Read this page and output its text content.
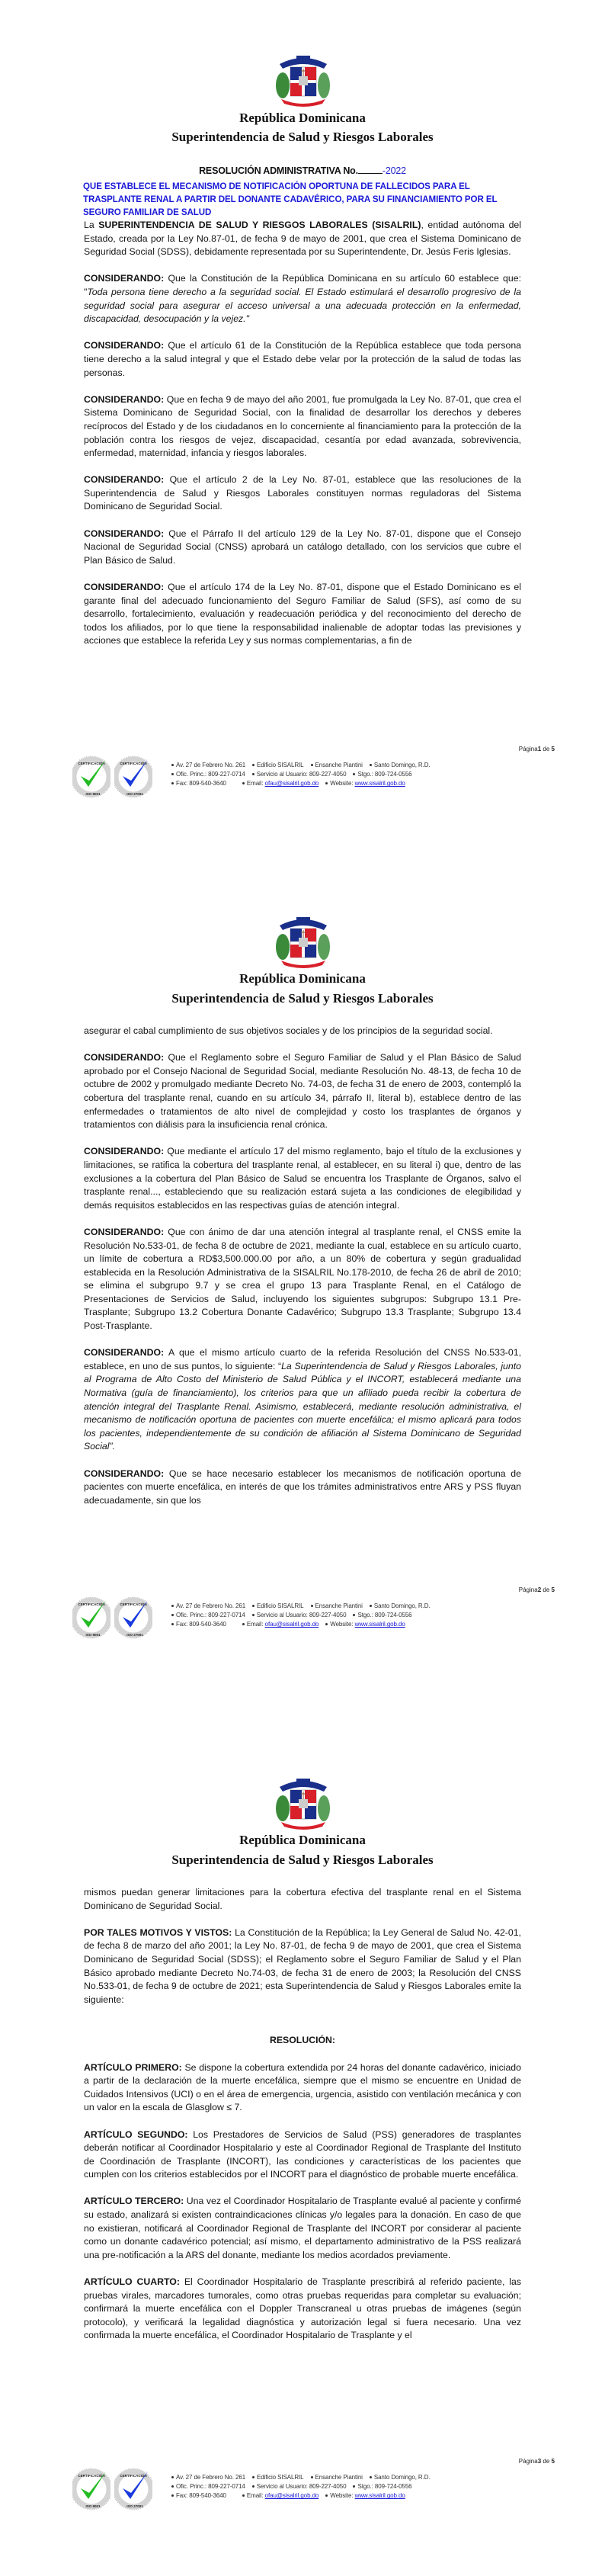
República Dominicana
Superintendencia de Salud y Riesgos Laborales
RESOLUCIÓN ADMINISTRATIVA No.	-2022
QUE ESTABLECE EL MECANISMO DE NOTIFICACIÓN OPORTUNA DE FALLECIDOS PARA EL TRASPLANTE RENAL A PARTIR DEL DONANTE CADAVÉRICO, PARA SU FINANCIAMIENTO POR EL SEGURO FAMILIAR DE SALUD

La SUPERINTENDENCIA DE SALUD Y RIESGOS LABORALES (SISALRIL), entidad autónoma del Estado, creada por la Ley No.87-01, de fecha 9 de mayo de 2001, que crea el Sistema Dominicano de Seguridad Social (SDSS), debidamente representada por su Superintendente, Dr. Jesús Feris Iglesias.

CONSIDERANDO: Que la Constitución de la República Dominicana en su artículo 60 establece que: "Toda persona tiene derecho a la seguridad social. El Estado estimulará el desarrollo progresivo de la seguridad social para asegurar el acceso universal a una adecuada protección en la enfermedad, discapacidad, desocupación y la vejez."

CONSIDERANDO: Que el artículo 61 de la Constitución de la República establece que toda persona tiene derecho a la salud integral y que el Estado debe velar por la protección de la salud de todas las personas.

CONSIDERANDO: Que en fecha 9 de mayo del año 2001, fue promulgada la Ley No. 87-01, que crea el Sistema Dominicano de Seguridad Social, con la finalidad de desarrollar los derechos y deberes recíprocos del Estado y de los ciudadanos en lo concerniente al financiamiento para la protección de la población contra los riesgos de vejez, discapacidad, cesantía por edad avanzada, sobrevivencia, enfermedad, maternidad, infancia y riesgos laborales.

CONSIDERANDO: Que el artículo 2 de la Ley No. 87-01, establece que las resoluciones de la Superintendencia de Salud y Riesgos Laborales constituyen normas reguladoras del Sistema Dominicano de Seguridad Social.

CONSIDERANDO: Que el Párrafo II del artículo 129 de la Ley No. 87-01, dispone que el Consejo Nacional de Seguridad Social (CNSS) aprobará un catálogo detallado, con los servicios que cubre el Plan Básico de Salud.

CONSIDERANDO: Que el artículo 174 de la Ley No. 87-01, dispone que el Estado Dominicano es el garante final del adecuado funcionamiento del Seguro Familiar de Salud (SFS), así como de su desarrollo, fortalecimiento, evaluación y readecuación periódica y del reconocimiento del derecho de todos los afiliados, por lo que tiene la responsabilidad inalienable de adoptar todas las previsiones y acciones que establece la referida Ley y sus normas complementarias, a fin de

Página1 de 5
CERTIFICACIÓN
ISO 9001
CERTIFICACIÓN
ISO 27001
Av. 27 de Febrero No. 261 Edificio SISALRIL Ensanche Piantini Santo Domingo, R.D.
Ofic. Princ.: 809-227-0714 Servicio al Usuario: 809-227-4050 Stgo.: 809-724-0556
Fax: 809-540-3640	Email: ofau@sisalril.gob.do Website: www.sisalril.gob.do
República Dominicana
Superintendencia de Salud y Riesgos Laborales

asegurar el cabal cumplimiento de sus objetivos sociales y de los principios de la seguridad social.

CONSIDERANDO: Que el Reglamento sobre el Seguro Familiar de Salud y el Plan Básico de Salud aprobado por el Consejo Nacional de Seguridad Social, mediante Resolución No. 48-13, de fecha 10 de octubre de 2002 y promulgado mediante Decreto No. 74-03, de fecha 31 de enero de 2003, contempló la cobertura del trasplante renal, cuando en su artículo 34, párrafo II, literal b), establece dentro de las enfermedades o tratamientos de alto nivel de complejidad y costo los trasplantes de órganos y tratamientos con diálisis para la insuficiencia renal crónica.

CONSIDERANDO: Que mediante el artículo 17 del mismo reglamento, bajo el título de la exclusiones y limitaciones, se ratifica la cobertura del trasplante renal, al establecer, en su literal i) que, dentro de las exclusiones a la cobertura del Plan Básico de Salud se encuentra los Trasplante de Órganos, salvo el trasplante renal..., estableciendo que su realización estará sujeta a las condiciones de elegibilidad y demás requisitos establecidos en las respectivas guías de atención integral.

CONSIDERANDO: Que con ánimo de dar una atención integral al trasplante renal, el CNSS emite la Resolución No.533-01, de fecha 8 de octubre de 2021, mediante la cual, establece en su artículo cuarto, un límite de cobertura a RD$3,500.000.00 por año, a un 80% de cobertura y según gradualidad establecida en la Resolución Administrativa de la SISALRIL No.178-2010, de fecha 26 de abril de 2010; se elimina el subgrupo 9.7 y se crea el grupo 13 para Trasplante Renal, en el Catálogo de Presentaciones de Servicios de Salud, incluyendo los siguientes subgrupos: Subgrupo 13.1 Pre-Trasplante; Subgrupo 13.2 Cobertura Donante Cadavérico; Subgrupo 13.3 Trasplante; Subgrupo 13.4 Post-Trasplante.

CONSIDERANDO: A que el mismo artículo cuarto de la referida Resolución del CNSS No.533-01, establece, en uno de sus puntos, lo siguiente: “La Superintendencia de Salud y Riesgos Laborales, junto al Programa de Alto Costo del Ministerio de Salud Pública y el INCORT, establecerá mediante una Normativa (guía de financiamiento), los criterios para que un afiliado pueda recibir la cobertura de atención integral del Trasplante Renal. Asimismo, establecerá, mediante resolución administrativa, el mecanismo de notificación oportuna de pacientes con muerte encefálica; el mismo aplicará para todos los pacientes, independientemente de su condición de afiliación al Sistema Dominicano de Seguridad Social”.

CONSIDERANDO: Que se hace necesario establecer los mecanismos de notificación oportuna de pacientes con muerte encefálica, en interés de que los trámites administrativos entre ARS y PSS fluyan adecuadamente, sin que los

Página2 de 5
CERTIFICACIÓN
ISO 9001
CERTIFICACIÓN
ISO 27001
Av. 27 de Febrero No. 261 Edificio SISALRIL Ensanche Piantini Santo Domingo, R.D.
Ofic. Princ.: 809-227-0714 Servicio al Usuario: 809-227-4050 Stgo.: 809-724-0556
Fax: 809-540-3640	Email: ofau@sisalril.gob.do Website: www.sisalril.gob.do
República Dominicana
Superintendencia de Salud y Riesgos Laborales

mismos puedan generar limitaciones para la cobertura efectiva del trasplante renal en el Sistema Dominicano de Seguridad Social.

POR TALES MOTIVOS Y VISTOS: La Constitución de la República; la Ley General de Salud No. 42-01, de fecha 8 de marzo del año 2001; la Ley No. 87-01, de fecha 9 de mayo de 2001, que crea el Sistema Dominicano de Seguridad Social (SDSS); el Reglamento sobre el Seguro Familiar de Salud y el Plan Básico aprobado mediante Decreto No.74-03, de fecha 31 de enero de 2003; la Resolución del CNSS No.533-01, de fecha 9 de octubre de 2021; esta Superintendencia de Salud y Riesgos Laborales emite la siguiente:

RESOLUCIÓN:

ARTÍCULO PRIMERO: Se dispone la cobertura extendida por 24 horas del donante cadavérico, iniciado a partir de la declaración de la muerte encefálica, siempre que el mismo se encuentre en Unidad de Cuidados Intensivos (UCI) o en el área de emergencia, urgencia, asistido con ventilación mecánica y con un valor en la escala de Glasglow ≤ 7.

ARTÍCULO SEGUNDO: Los Prestadores de Servicios de Salud (PSS) generadores de trasplantes deberán notificar al Coordinador Hospitalario y este al Coordinador Regional de Trasplante del Instituto de Coordinación de Trasplante (INCORT), las condiciones y características de los pacientes que cumplen con los criterios establecidos por el INCORT para el diagnóstico de probable muerte encefálica.

ARTÍCULO TERCERO: Una vez el Coordinador Hospitalario de Trasplante evalué al paciente y confirmé su estado, analizará si existen contraindicaciones clínicas y/o legales para la donación. En caso de que no existieran, notificará al Coordinador Regional de Trasplante del INCORT por considerar al paciente como un donante cadavérico potencial; así mismo, el departamento administrativo de la PSS realizará una pre-notificación a la ARS del donante, mediante los medios acordados previamente.

ARTÍCULO CUARTO: El Coordinador Hospitalario de Trasplante prescribirá al referido paciente, las pruebas virales, marcadores tumorales, como otras pruebas requeridas para completar su evaluación; confirmará la muerte encefálica con el Doppler Transcraneal u otras pruebas de imágenes (según protocolo), y verificará la legalidad diagnóstica y autorización legal si fuera necesario. Una vez confirmada la muerte encefálica, el Coordinador Hospitalario de Trasplante y el

Página3 de 5
CERTIFICACIÓN
ISO 9001
CERTIFICACIÓN
ISO 27001
Av. 27 de Febrero No. 261 Edificio SISALRIL Ensanche Piantini Santo Domingo, R.D.
Ofic. Princ.: 809-227-0714 Servicio al Usuario: 809-227-4050 Stgo.: 809-724-0556
Fax: 809-540-3640	Email: ofau@sisalril.gob.do Website: www.sisalril.gob.do
